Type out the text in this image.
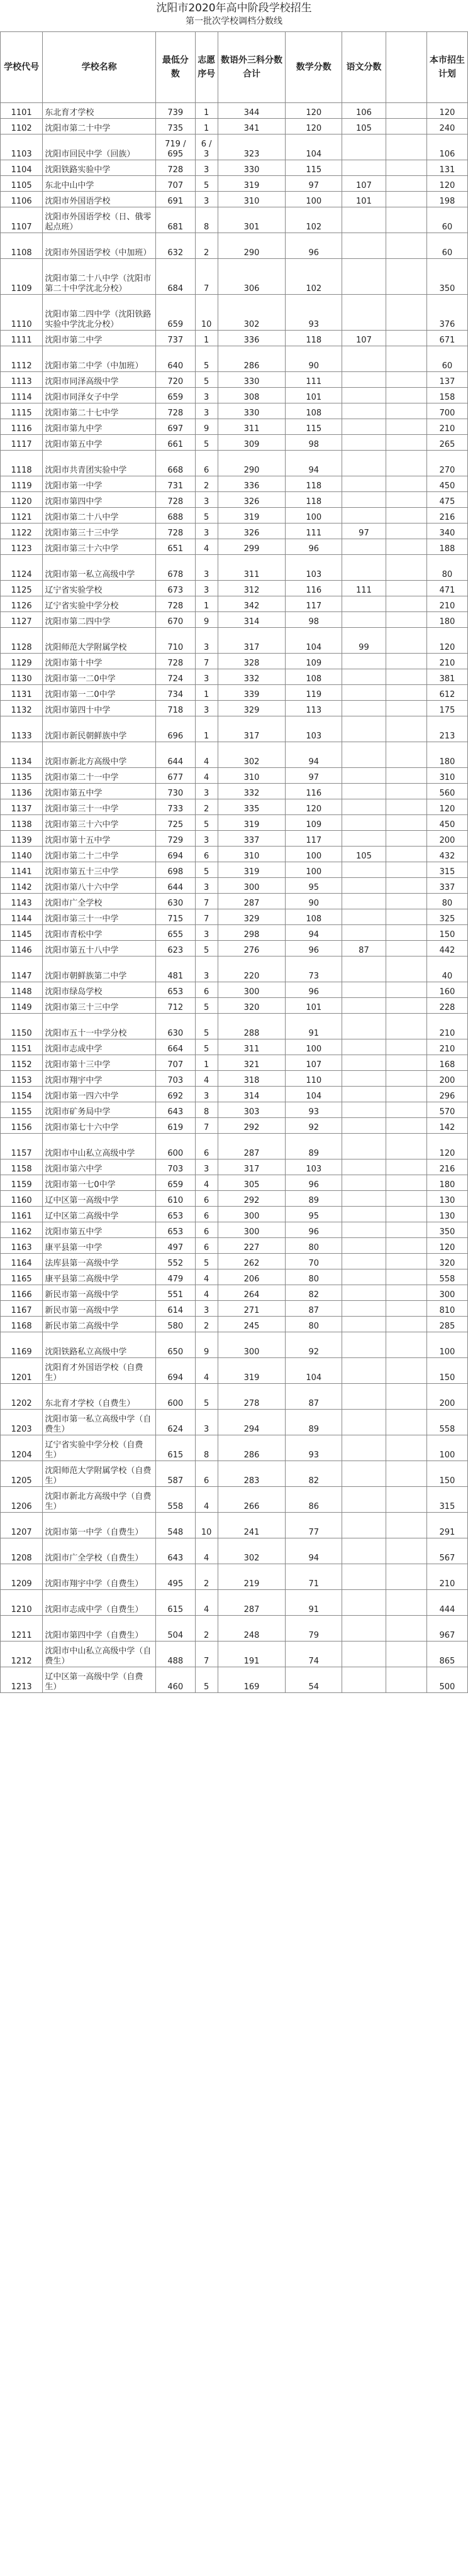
沈阳市2020年高中阶段学校招生
第一批次学校调档分数线
学校代号	学校名称	最低分数	志愿序号	数语外三科分数合计	数学分数	语文分数		本市招生计划
1101	东北育才学校	739	1	344	120	106		120
1102	沈阳市第二十中学	735	1	341	120	105		240
1103	沈阳市回民中学（回族）	719 / 695	6 / 3	323	104			106
1104	沈阳铁路实验中学	728	3	330	115			131
1105	东北中山中学	707	5	319	97	107		120
1106	沈阳市外国语学校	691	3	310	100	101		198
1107	沈阳市外国语学校（日、俄零起点班）	681	8	301	102			60
1108	沈阳市外国语学校（中加班）	632	2	290	96			60
1109	沈阳市第二十八中学（沈阳市第二十中学沈北分校）	684	7	306	102			350
1110	沈阳市第二四中学（沈阳铁路实验中学沈北分校）	659	10	302	93			376
1111	沈阳市第二中学	737	1	336	118	107		671
1112	沈阳市第二中学（中加班）	640	5	286	90			60
1113	沈阳市同泽高级中学	720	5	330	111			137
1114	沈阳市同泽女子中学	659	3	308	101			158
1115	沈阳市第二十七中学	728	3	330	108			700
1116	沈阳市第九中学	697	9	311	115			210
1117	沈阳市第五中学	661	5	309	98			265
1118	沈阳市共青团实验中学	668	6	290	94			270
1119	沈阳市第一中学	731	2	336	118			450
1120	沈阳市第四中学	728	3	326	118			475
1121	沈阳市第二十八中学	688	5	319	100			216
1122	沈阳市第三十三中学	728	3	326	111	97		340
1123	沈阳市第三十六中学	651	4	299	96			188
1124	沈阳市第一私立高级中学	678	3	311	103			80
1125	辽宁省实验学校	673	3	312	116	111		471
1126	辽宁省实验中学分校	728	1	342	117			210
1127	沈阳市第二四中学	670	9	314	98			180
1128	沈阳师范大学附属学校	710	3	317	104	99		120
1129	沈阳市第十中学	728	7	328	109			210
1130	沈阳市第一二0中学	724	3	332	108			381
1131	沈阳市第一二0中学	734	1	339	119			612
1132	沈阳市第四十中学	718	3	329	113			175
1133	沈阳市新民朝鲜族中学	696	1	317	103			213
1134	沈阳市新北方高级中学	644	4	302	94			180
1135	沈阳市第二十一中学	677	4	310	97			310
1136	沈阳市第五中学	730	3	332	116			560
1137	沈阳市第三十一中学	733	2	335	120			120
1138	沈阳市第三十六中学	725	5	319	109			450
1139	沈阳市第十五中学	729	3	337	117			200
1140	沈阳市第二十二中学	694	6	310	100	105		432
1141	沈阳市第五十三中学	698	5	319	100			315
1142	沈阳市第八十六中学	644	3	300	95			337
1143	沈阳市广全学校	630	7	287	90			80
1144	沈阳市第三十一中学	715	7	329	108			325
1145	沈阳市青松中学	655	3	298	94			150
1146	沈阳市第五十八中学	623	5	276	96	87		442
1147	沈阳市朝鲜族第二中学	481	3	220	73			40
1148	沈阳市绿岛学校	653	6	300	96			160
1149	沈阳市第三十三中学	712	5	320	101			228
1150	沈阳市五十一中学分校	630	5	288	91			210
1151	沈阳市志成中学	664	5	311	100			210
1152	沈阳市第十三中学	707	1	321	107			168
1153	沈阳市翔宇中学	703	4	318	110			200
1154	沈阳市第一四六中学	692	3	314	104			296
1155	沈阳市矿务局中学	643	8	303	93			570
1156	沈阳市第七十六中学	619	7	292	92			142
1157	沈阳市中山私立高级中学	600	6	287	89			120
1158	沈阳市第六中学	703	3	317	103			216
1159	沈阳市第一七0中学	659	4	305	96			180
1160	辽中区第一高级中学	610	6	292	89			130
1161	辽中区第二高级中学	653	6	300	95			130
1162	沈阳市第五中学	653	6	300	96			350
1163	康平县第一中学	497	6	227	80			120
1164	法库县第一高级中学	552	5	262	70			320
1165	康平县第二高级中学	479	4	206	80			558
1166	新民市第一高级中学	551	4	264	82			300
1167	新民市第一高级中学	614	3	271	87			810
1168	新民市第二高级中学	580	2	245	80			285
1169	沈阳铁路私立高级中学	650	9	300	92			100
1201	沈阳育才外国语学校（自费生）	694	4	319	104			150
1202	东北育才学校（自费生）	600	5	278	87			200
1203	沈阳市第一私立高级中学（自费生）	624	3	294	89			558
1204	辽宁省实验中学分校（自费生）	615	8	286	93			100
1205	沈阳师范大学附属学校（自费生）	587	6	283	82			150
1206	沈阳市新北方高级中学（自费生）	558	4	266	86			315
1207	沈阳市第一中学（自费生）	548	10	241	77			291
1208	沈阳市广全学校（自费生）	643	4	302	94			567
1209	沈阳市翔宇中学（自费生）	495	2	219	71			210
1210	沈阳市志成中学（自费生）	615	4	287	91			444
1211	沈阳市第四中学（自费生）	504	2	248	79			967
1212	沈阳市中山私立高级中学（自费生）	488	7	191	74			865
1213	辽中区第一高级中学（自费生）	460	5	169	54			500
